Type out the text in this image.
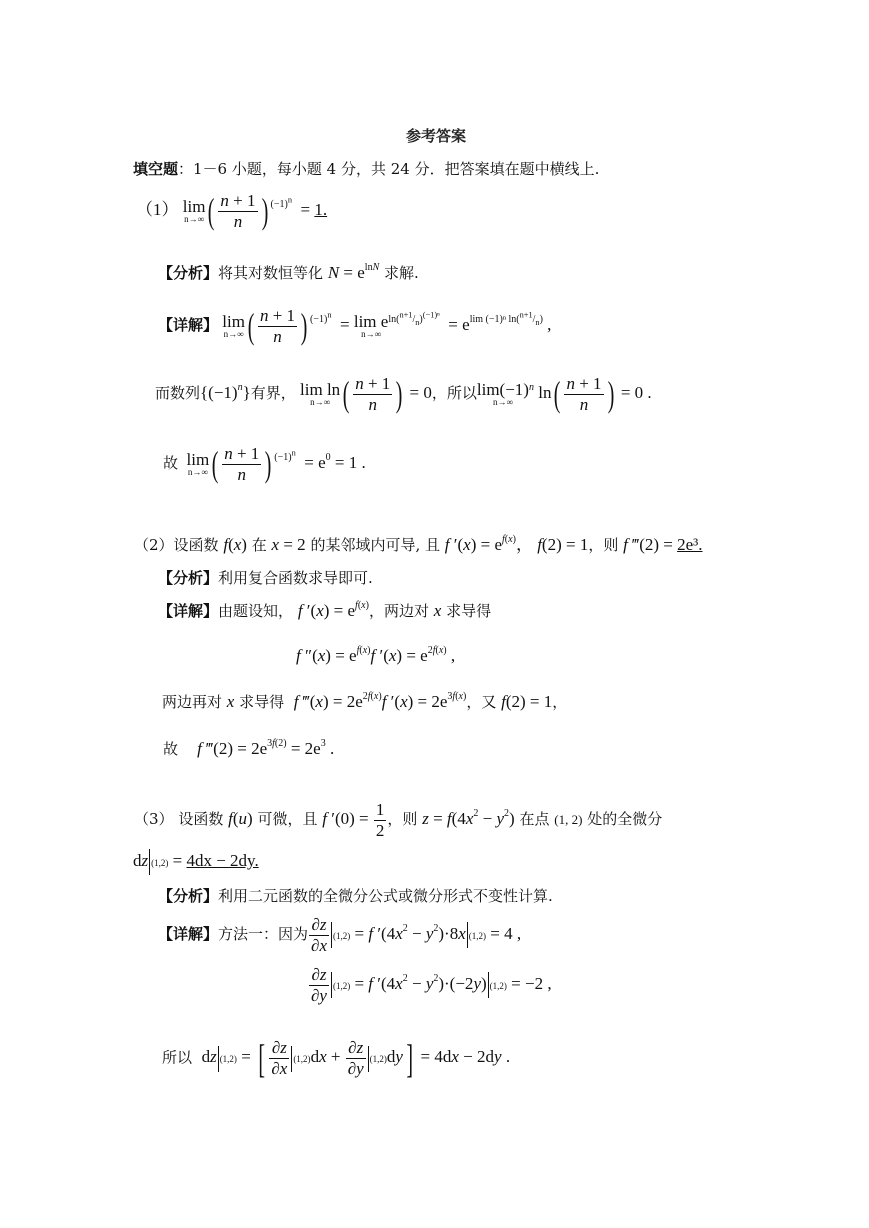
参考答案
填空题：1－6 小题，每小题 4 分，共 24 分．把答案填在题中横线上.
（1） lim
n→∞ ( $\frac{n + 1}{n}$ ) $^{(-1)^n}$  = 1.
【分析】将其对数恒等化 $N = e^{lnN}$ 求解.
【详解】 lim
n→∞ ( $\frac{n + 1}{n}$ ) $^{(-1)^n}$  = lim e
n→∞
$^{ln(^{n+1}/_n)^{(-1)^n}} = e^{lim (-1)^n ln(^{n+1}/_n)}$ ,
而数列$\{(-1)^n\}$有界， lim ln
n→∞ ( $\frac{n + 1}{n}$ ) = 0，所以 lim(−1)
n→∞
$^n$ $\ln( \frac{n + 1}{n}$ ) = 0 .
故 lim
n→∞ ( $\frac{n + 1}{n}$ ) $^{(-1)^n} = e^0 = 1$ .
（2）设函数 f(x) 在 x = 2 的某邻域内可导, 且 f $'(x) = e^{f(x)}$， f(2) = 1，则 f ‴(2) = 2e³.
【分析】利用复合函数求导即可.
【详解】由题设知， f $'(x) = e^{f(x)}$，两边对 x 求导得
f $''(x) = e^{f(x)}f$ $'(x) = e^{2f(x)}$ ,
两边再对 x 求导得 f ‴(x) = $2e^{2f(x)}f$ $'(x) = 2e^{3f(x)}$，又 f(2) = 1，
故 f ‴(2) = $2e^{3f(2)} = 2e^3$ .
（3） 设函数 f(u) 可微，且 f $'(0) = \frac{1}{2}$ ，则 $z = f(4x^2 - y^2)$ 在点 (1, 2) 处的全微分
dz (1,2) = 4dx − 2dy.
【分析】利用二元函数的全微分公式或微分形式不变性计算.
【详解】方法一：因为 $\frac{\partial z}{\partial x} (1,2) = f$ $'(4x^2 - y^2)\cdot 8x$ (1,2) = 4 ,
$\frac{\partial z}{\partial y} (1,2) = f$ $'(4x^2 - y^2)\cdot(-2y) (1,2) = -2$ ,
所以 dz (1,2) = [ $\frac{\partial z}{\partial x} (1,2)dx + \frac{\partial z}{\partial y} (1,2)dy] = 4dx - 2dy$ .
